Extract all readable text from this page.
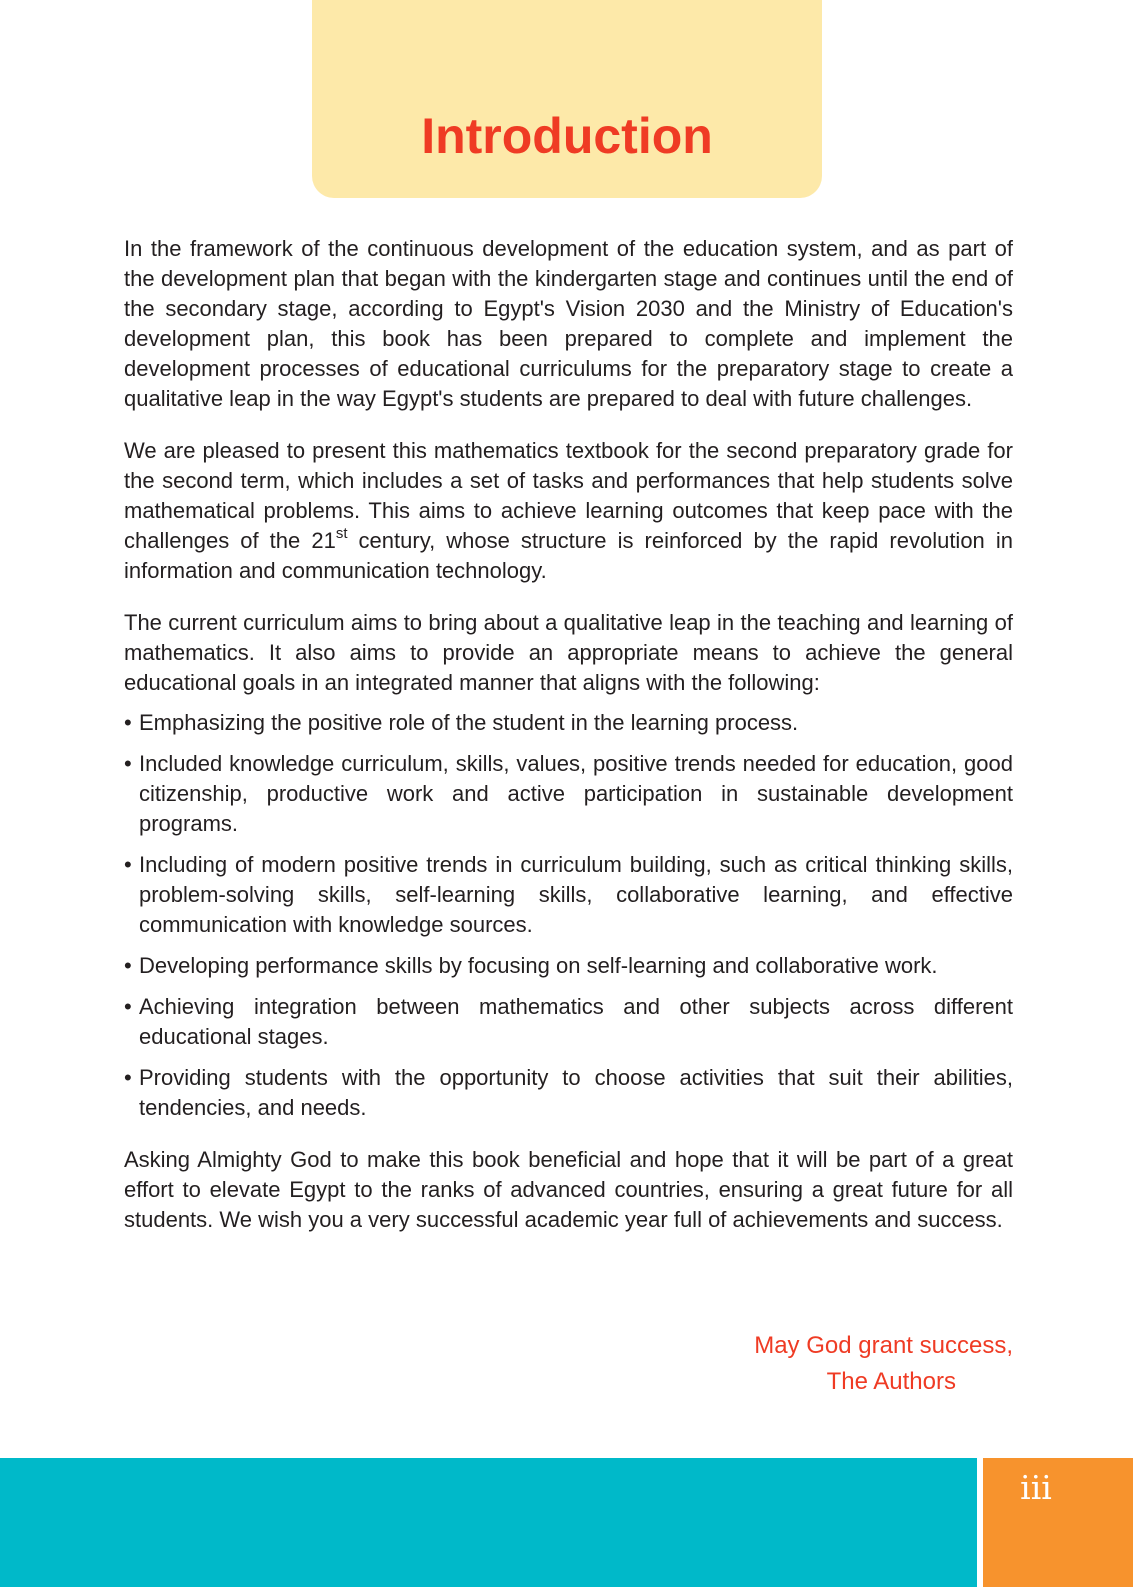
Introduction

In the framework of the continuous development of the education system, and as part of the development plan that began with the kindergarten stage and continues until the end of the secondary stage, according to Egypt's Vision 2030 and the Ministry of Education's development plan, this book has been prepared to complete and implement the development processes of educational curriculums for the preparatory stage to create a qualitative leap in the way Egypt's students are prepared to deal with future challenges.

We are pleased to present this mathematics textbook for the second preparatory grade for the second term, which includes a set of tasks and performances that help students solve mathematical problems. This aims to achieve learning outcomes that keep pace with the challenges of the 21st century, whose structure is reinforced by the rapid revolution in information and communication technology.

The current curriculum aims to bring about a qualitative leap in the teaching and learning of mathematics. It also aims to provide an appropriate means to achieve the general educational goals in an integrated manner that aligns with the following:

• Emphasizing the positive role of the student in the learning process.
• Included knowledge curriculum, skills, values, positive trends needed for education, good citizenship, productive work and active participation in sustainable development programs.
• Including of modern positive trends in curriculum building, such as critical thinking skills, problem-solving skills, self-learning skills, collaborative learning, and effective communication with knowledge sources.
• Developing performance skills by focusing on self-learning and collaborative work.
• Achieving integration between mathematics and other subjects across different educational stages.
• Providing students with the opportunity to choose activities that suit their abilities, tendencies, and needs.

Asking Almighty God to make this book beneficial and hope that it will be part of a great effort to elevate Egypt to the ranks of advanced countries, ensuring a great future for all students. We wish you a very successful academic year full of achievements and success.

May God grant success,

The Authors
iii
